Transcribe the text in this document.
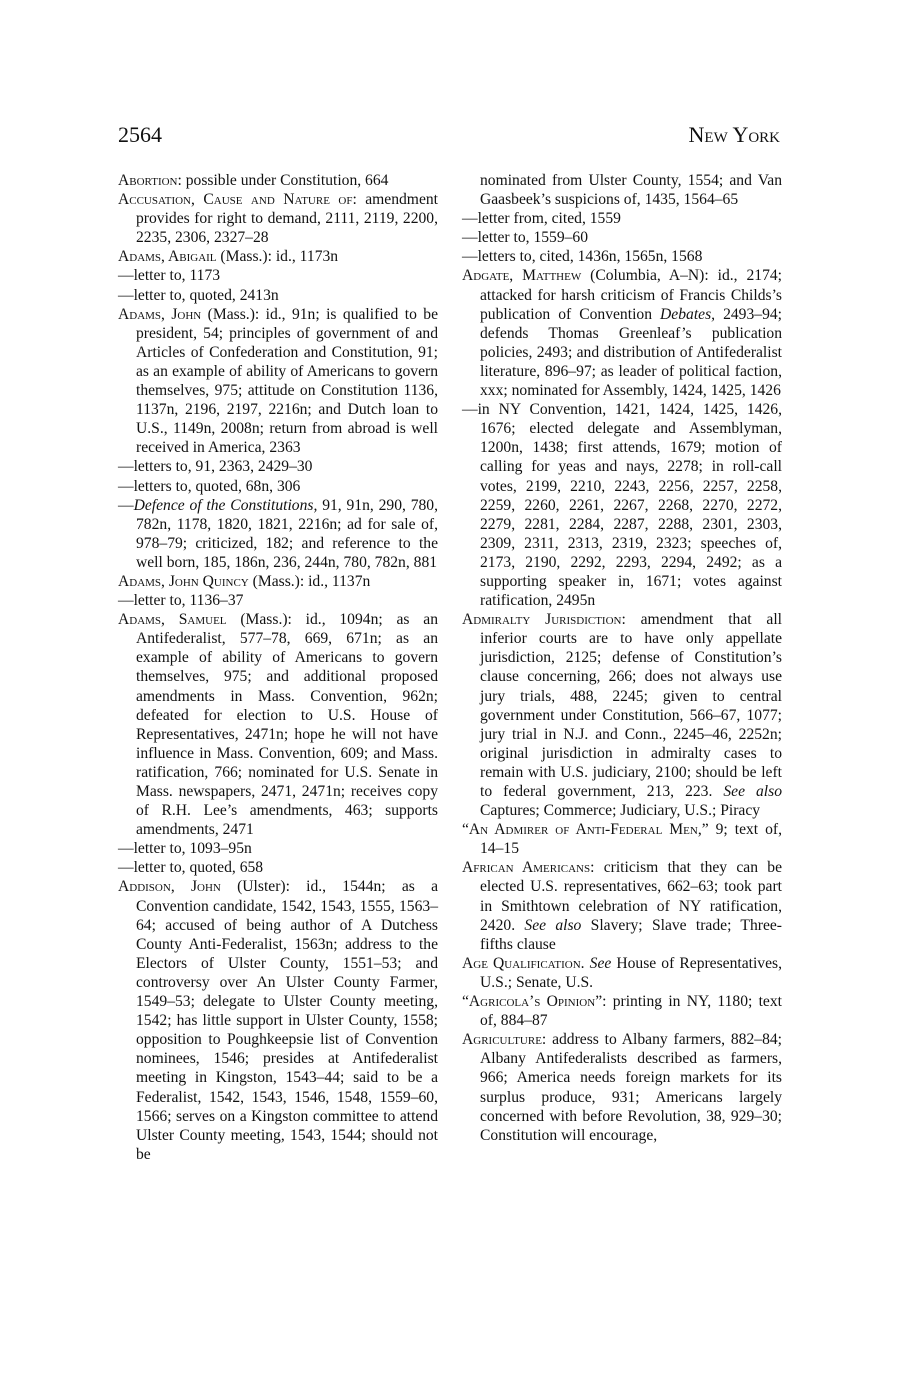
2564	New York

Abortion: possible under Constitution, 664

Accusation, Cause and Nature of: amendment provides for right to demand, 2111, 2119, 2200, 2235, 2306, 2327–28

Adams, Abigail (Mass.): id., 1173n

—letter to, 1173

—letter to, quoted, 2413n

Adams, John (Mass.): id., 91n; is qualified to be president, 54; principles of government of and Articles of Confederation and Constitution, 91; as an example of ability of Americans to govern themselves, 975; attitude on Constitution 1136, 1137n, 2196, 2197, 2216n; and Dutch loan to U.S., 1149n, 2008n; return from abroad is well received in America, 2363

—letters to, 91, 2363, 2429–30

—letters to, quoted, 68n, 306

—Defence of the Constitutions, 91, 91n, 290, 780, 782n, 1178, 1820, 1821, 2216n; ad for sale of, 978–79; criticized, 182; and reference to the well born, 185, 186n, 236, 244n, 780, 782n, 881

Adams, John Quincy (Mass.): id., 1137n

—letter to, 1136–37

Adams, Samuel (Mass.): id., 1094n; as an Antifederalist, 577–78, 669, 671n; as an example of ability of Americans to govern themselves, 975; and additional proposed amendments in Mass. Convention, 962n; defeated for election to U.S. House of Representatives, 2471n; hope he will not have influence in Mass. Convention, 609; and Mass. ratification, 766; nominated for U.S. Senate in Mass. newspapers, 2471, 2471n; receives copy of R.H. Lee’s amendments, 463; supports amendments, 2471

—letter to, 1093–95n

—letter to, quoted, 658

Addison, John (Ulster): id., 1544n; as a Convention candidate, 1542, 1543, 1555, 1563–64; accused of being author of A Dutchess County Anti-Federalist, 1563n; address to the Electors of Ulster County, 1551–53; and controversy over An Ulster County Farmer, 1549–53; delegate to Ulster County meeting, 1542; has little support in Ulster County, 1558; opposition to Poughkeepsie list of Convention nominees, 1546; presides at Antifederalist meeting in Kingston, 1543–44; said to be a Federalist, 1542, 1543, 1546, 1548, 1559–60, 1566; serves on a Kingston committee to attend Ulster County meeting, 1543, 1544; should not be

nominated from Ulster County, 1554; and Van Gaasbeek’s suspicions of, 1435, 1564–65

—letter from, cited, 1559

—letter to, 1559–60

—letters to, cited, 1436n, 1565n, 1568

Adgate, Matthew (Columbia, A–N): id., 2174; attacked for harsh criticism of Francis Childs’s publication of Convention Debates, 2493–94; defends Thomas Greenleaf’s publication policies, 2493; and distribution of Antifederalist literature, 896–97; as leader of political faction, xxx; nominated for Assembly, 1424, 1425, 1426

—in NY Convention, 1421, 1424, 1425, 1426, 1676; elected delegate and Assemblyman, 1200n, 1438; first attends, 1679; motion of calling for yeas and nays, 2278; in roll-call votes, 2199, 2210, 2243, 2256, 2257, 2258, 2259, 2260, 2261, 2267, 2268, 2270, 2272, 2279, 2281, 2284, 2287, 2288, 2301, 2303, 2309, 2311, 2313, 2319, 2323; speeches of, 2173, 2190, 2292, 2293, 2294, 2492; as a supporting speaker in, 1671; votes against ratification, 2495n

Admiralty Jurisdiction: amendment that all inferior courts are to have only appellate jurisdiction, 2125; defense of Constitution’s clause concerning, 266; does not always use jury trials, 488, 2245; given to central government under Constitution, 566–67, 1077; jury trial in N.J. and Conn., 2245–46, 2252n; original jurisdiction in admiralty cases to remain with U.S. judiciary, 2100; should be left to federal government, 213, 223. See also Captures; Commerce; Judiciary, U.S.; Piracy

“An Admirer of Anti-Federal Men,” 9; text of, 14–15

African Americans: criticism that they can be elected U.S. representatives, 662–63; took part in Smithtown celebration of NY ratification, 2420. See also Slavery; Slave trade; Three-fifths clause

Age Qualification. See House of Representatives, U.S.; Senate, U.S.

“Agricola’s Opinion”: printing in NY, 1180; text of, 884–87

Agriculture: address to Albany farmers, 882–84; Albany Antifederalists described as farmers, 966; America needs foreign markets for its surplus produce, 931; Americans largely concerned with before Revolution, 38, 929–30; Constitution will encourage,
